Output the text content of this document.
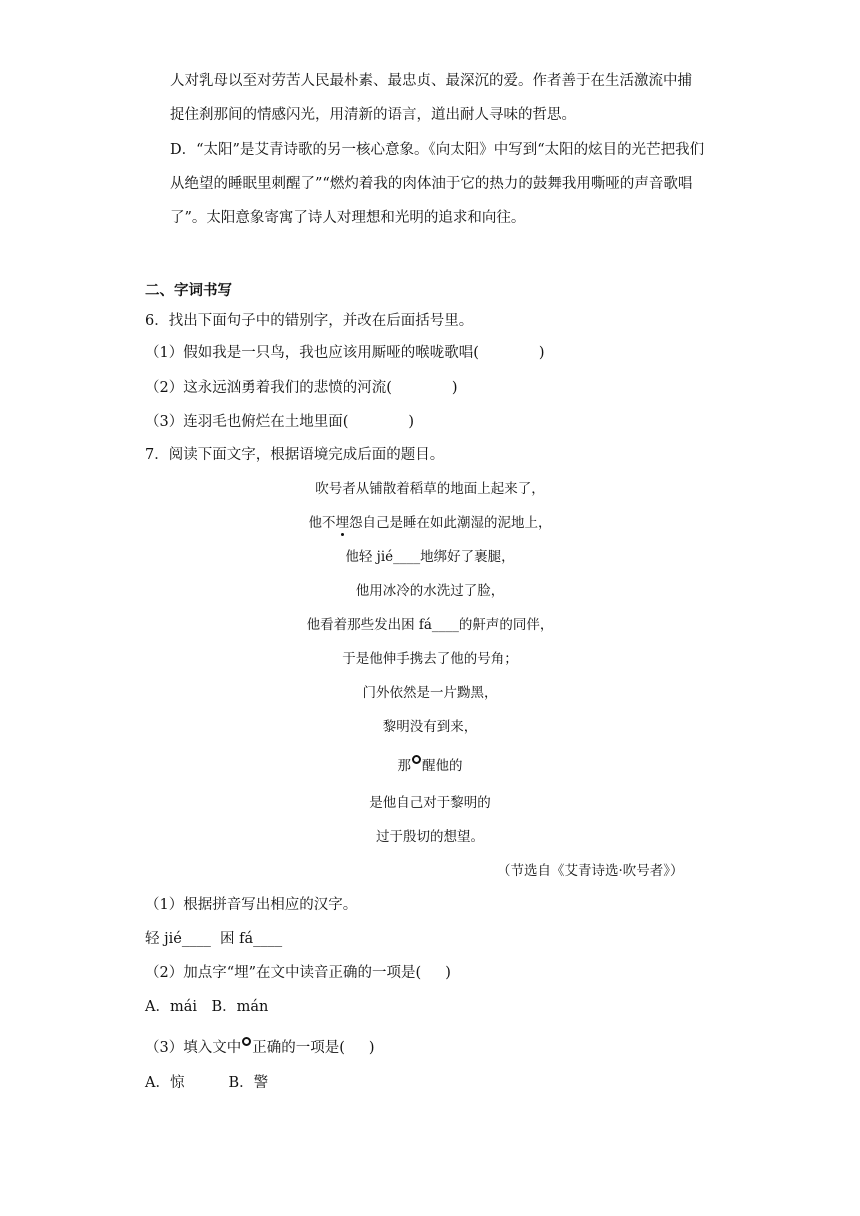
人对乳母以至对劳苦人民最朴素、最忠贞、最深沉的爱。作者善于在生活激流中捕
捉住刹那间的情感闪光，用清新的语言，道出耐人寻味的哲思。
D．“太阳”是艾青诗歌的另一核心意象。《向太阳》中写到“太阳的炫目的光芒把我们
从绝望的睡眠里刺醒了”“燃灼着我的肉体油于它的热力的鼓舞我用嘶哑的声音歌唱
了”。太阳意象寄寓了诗人对理想和光明的追求和向往。
二、字词书写
6．找出下面句子中的错别字，并改在后面括号里。
（1）假如我是一只鸟，我也应该用厮哑的喉咙歌唱(	)
（2）这永远汹勇着我们的悲愤的河流(	)
（3）连羽毛也俯烂在土地里面(	)
7．阅读下面文字，根据语境完成后面的题目。
吹号者从铺散着稻草的地面上起来了，
他不埋怨自己是睡在如此潮湿的泥地上，
他轻 jié____地绑好了裹腿，
他用冰冷的水洗过了脸，
他看着那些发出困 fá____的鼾声的同伴，
于是他伸手携去了他的号角；
门外依然是一片黝黑，
黎明没有到来，
那 醒他的
是他自己对于黎明的
过于殷切的想望。
（节选自《艾青诗选·吹号者》）
（1）根据拼音写出相应的汉字。
轻 jié____ 困 fá____
（2）加点字“埋”在文中读音正确的一项是( )
A．mái　B．mán
（3）填入文中 正确的一项是( )
A．惊	B．警
